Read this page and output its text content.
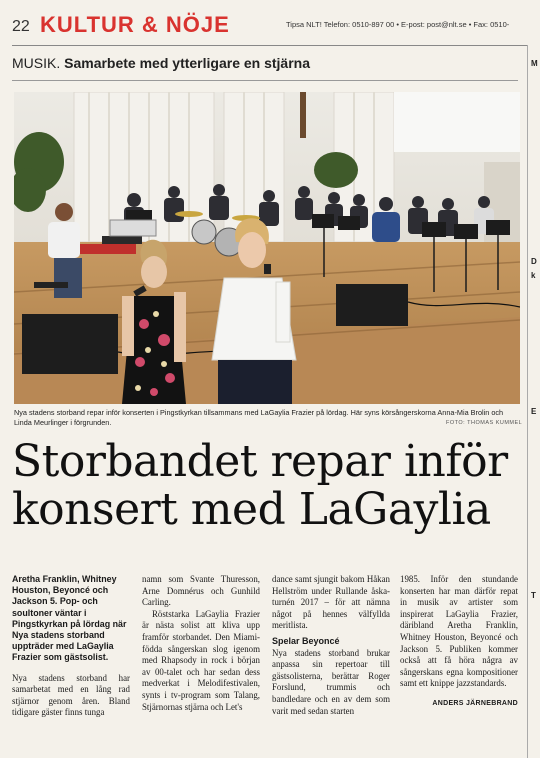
22 KULTUR & NÖJE	Tipsa NLT! Telefon: 0510-897 00 • E-post: post@nlt.se • Fax: 0510-
MUSIK. Samarbete med ytterligare en stjärna
Nya stadens storband repar inför konserten i Pingstkyrkan tillsammans med LaGaylia Frazier på lördag. Här syns körsångerskorna Anna-Mia Brolin och Linda Meurlinger i förgrunden.	FOTO: THOMAS KUMMEL
Storbandet repar inför
konsert med LaGaylia

Aretha Franklin, Whitney Houston, Beyoncé och Jackson 5. Pop- och soultoner väntar i Pingstkyrkan på lördag när Nya stadens storband uppträder med LaGaylia Frazier som gästsolist.

Nya stadens storband har samarbetat med en lång rad stjärnor genom åren. Bland tidigare gäster finns tunga

namn som Svante Thuresson, Arne Domnérus och Gunhild Carling.

Röststarka LaGaylia Frazier är nästa solist att kliva upp framför storbandet. Den Miami-födda sångerskan slog igenom med Rhapsody in rock i början av 00-talet och har sedan dess medverkat i Melodifestivalen, synts i tv-program som Talang, Stjärnornas stjärna och Let's

dance samt sjungit bakom Håkan Hellström under Rullande åska-turnén 2017 – för att nämna något på hennes välfyllda meritlista.

Spelar Beyoncé

Nya stadens storband brukar anpassa sin repertoar till gästsolisterna, berättar Roger Forslund, trummis och bandledare och en av dem som varit med sedan starten

1985. Inför den stundande konserten har man därför repat in musik av artister som inspirerat LaGaylia Frazier, däribland Aretha Franklin, Whitney Houston, Beyoncé och Jackson 5. Publiken kommer också att få höra några av sångerskans egna kompositioner samt ett knippe jazzstandards.

ANDERS JÄRNEBRAND

M
D
k
E
T
